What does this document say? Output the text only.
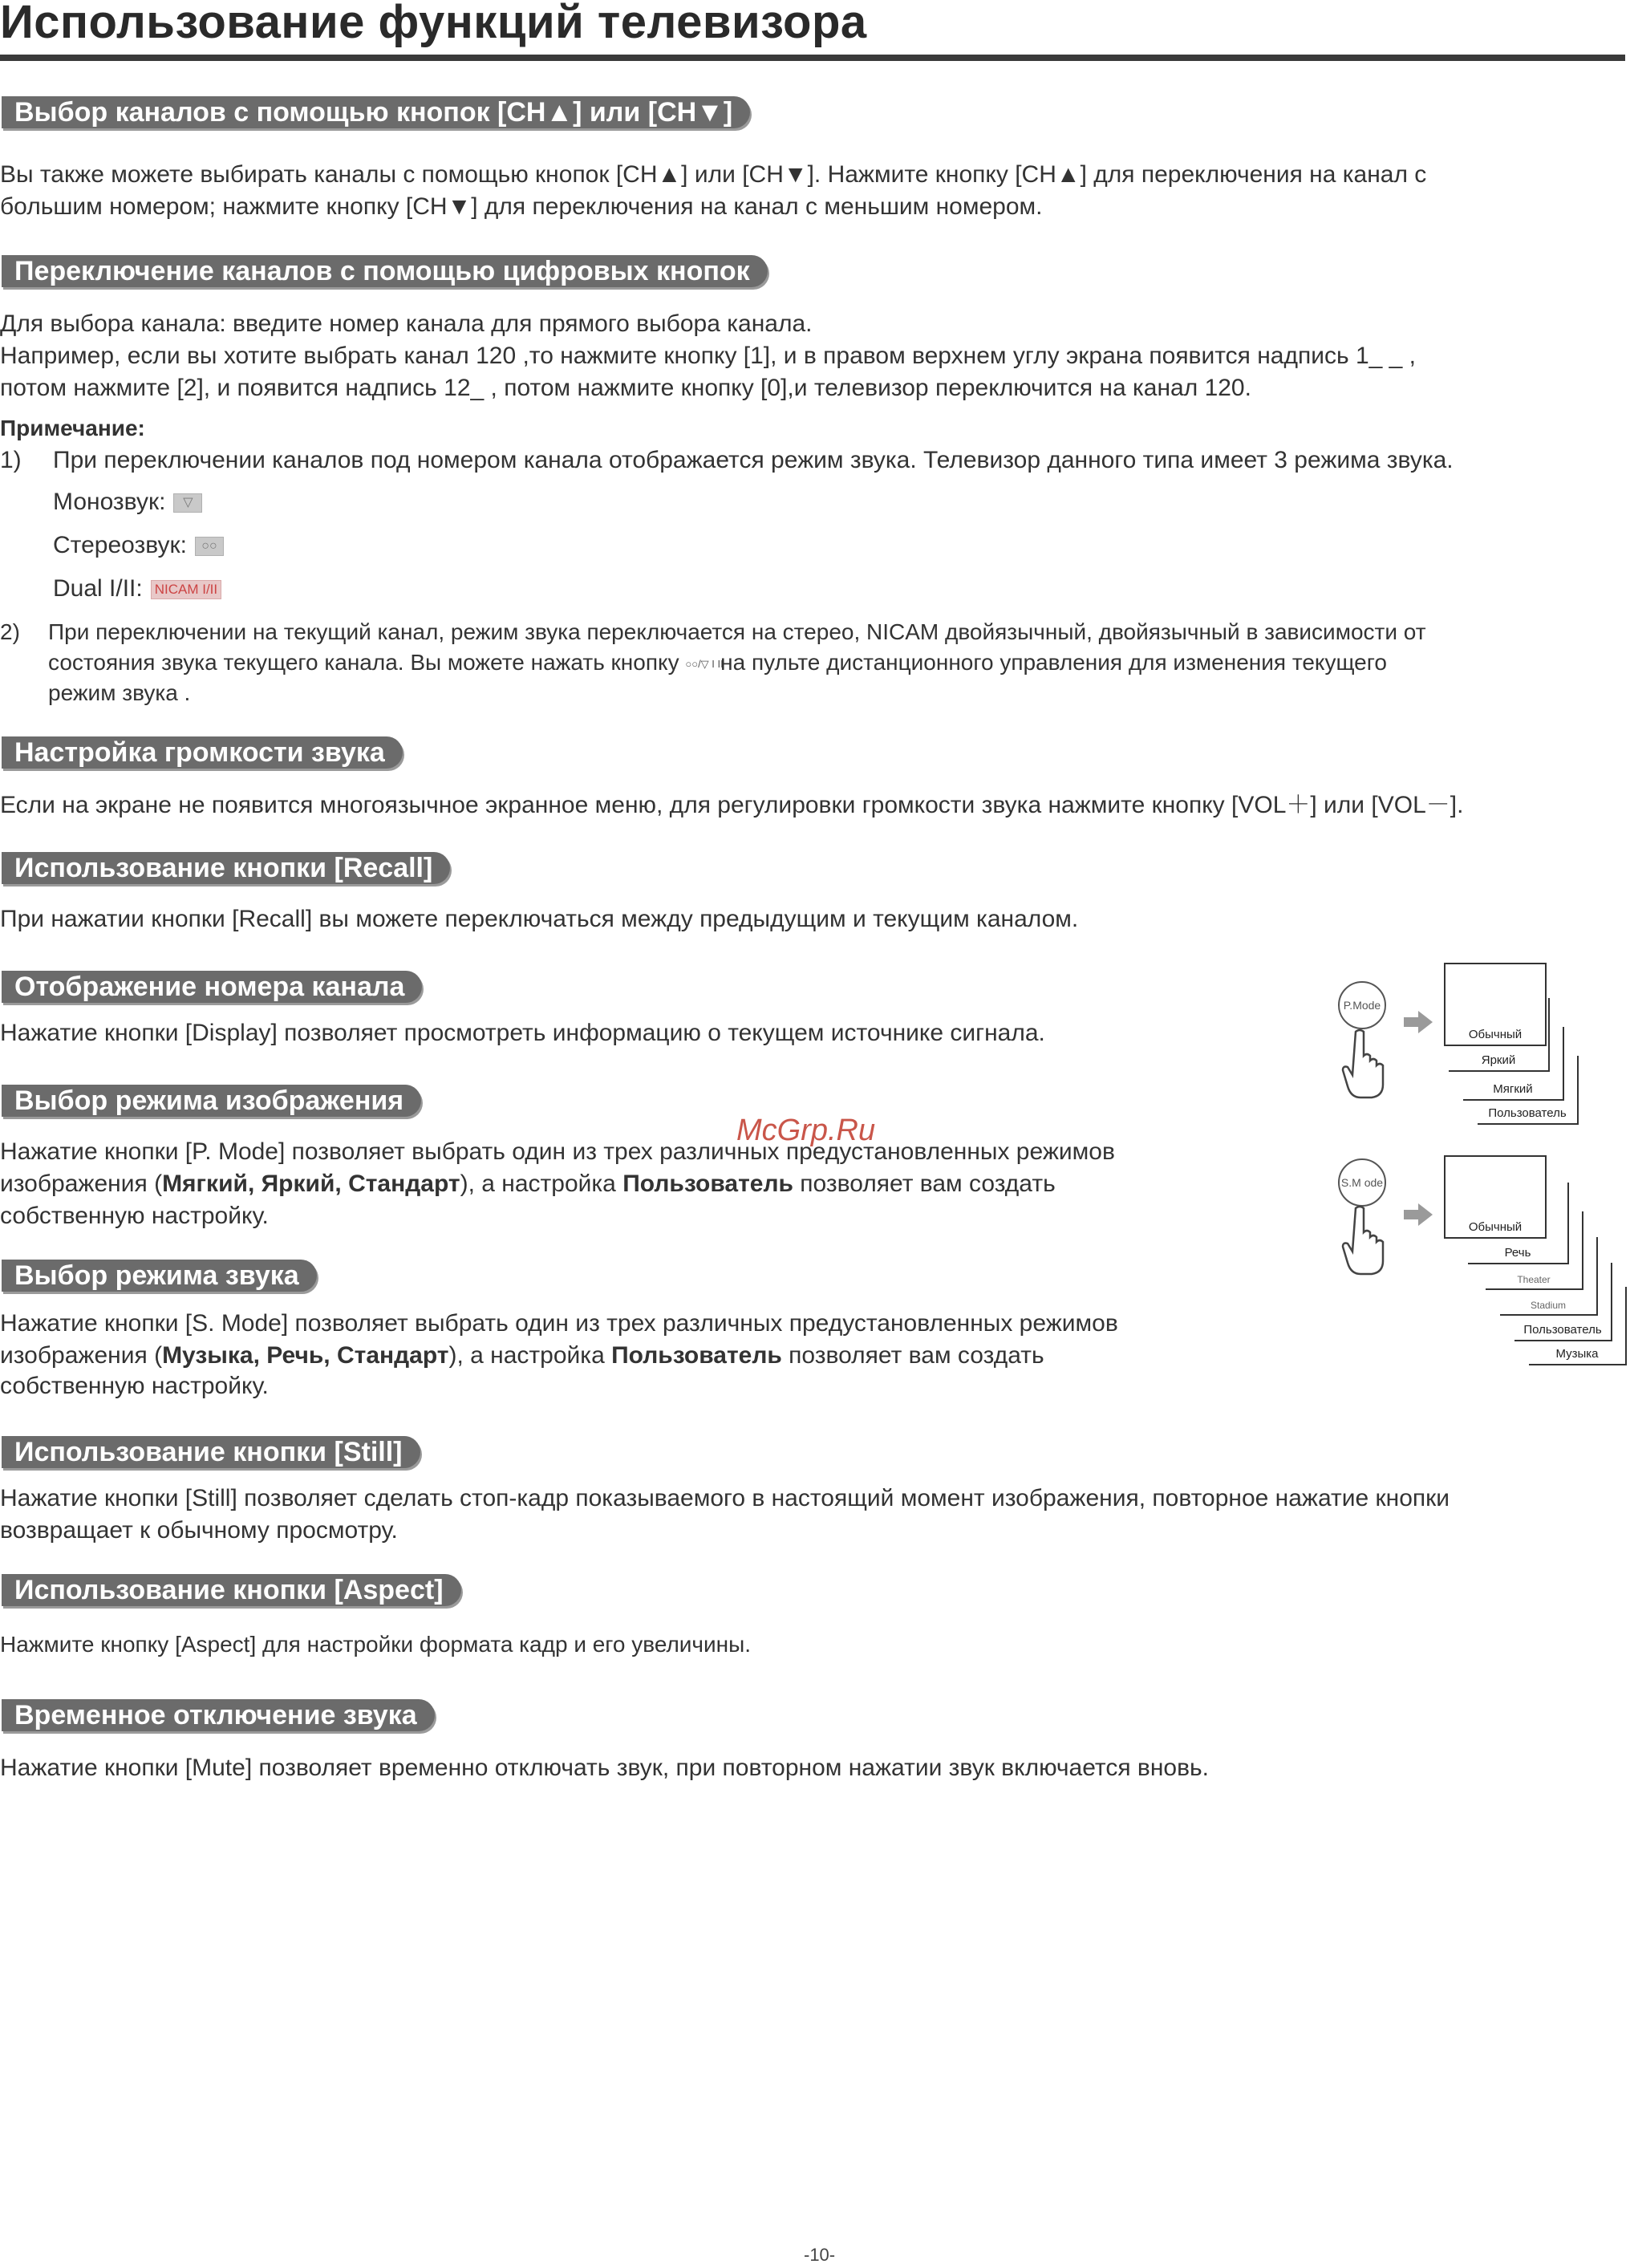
Использование функций телевизора
Выбор каналов с помощью кнопок [CH▲] или [CH▼]
Вы также можете выбирать каналы с помощью кнопок [CH▲] или [CH▼]. Нажмите кнопку [CH▲] для переключения на канал с
большим номером; нажмите кнопку [CH▼] для переключения на канал с меньшим номером.
Переключение каналов с помощью цифровых кнопок
Для выбора канала: введите номер канала для прямого выбора канала.
Например, если вы хотите выбрать канал 120 ,то нажмите кнопку [1], и в правом верхнем углу экрана появится надпись 1_ _ ,
потом нажмите [2], и появится надпись 12_ , потом нажмите кнопку [0],и телевизор переключится на канал 120.
Примечание:
1) При переключении каналов под номером канала отображается режим звука. Телевизор данного типа имеет 3 режима звука.
Монозвук: ▽
Стереозвук: ○○
Dual I/II: NICAM I/II
2) При переключении на текущий канал, режим звука переключается на стерео, NICAM двойязычный, двойязычный в зависимости от
состояния звука текущего канала. Вы можете нажать кнопку ○○/▽ I II на пульте дистанционного управления для изменения текущего
режим звука .
Настройка громкости звука
Если на экране не появится многоязычное экранное меню, для регулировки громкости звука нажмите кнопку [VOL＋] или [VOL－].
Использование кнопки [Recall]
При нажатии кнопки [Recall] вы можете переключаться между предыдущим и текущим каналом.
Отображение номера канала
Нажатие кнопки [Display] позволяет просмотреть информацию о текущем источнике сигнала.
Выбор режима изображения
Нажатие кнопки [P. Mode] позволяет выбрать один из трех различных предустановленных режимов
изображения (Мягкий, Яркий, Стандарт), а настройка Пользователь позволяет вам создать
собственную настройку.
Выбор режима звука
Нажатие кнопки [S. Mode] позволяет выбрать один из трех различных предустановленных режимов
изображения (Музыка, Речь, Стандарт), а настройка Пользователь позволяет вам создать
собственную настройку.
Использование кнопки [Still]
Нажатие кнопки [Still] позволяет сделать стоп-кадр показываемого в настоящий момент изображения, повторное нажатие кнопки
возвращает к обычному просмотру.
Использование кнопки [Aspect]
Нажмите кнопку [Aspect] для настройки формата кадр и его увеличины.
Временное отключение звука
Нажатие кнопки [Mute] позволяет временно отключать звук, при повторном нажатии звук включается вновь.
McGrp.Ru
P.Mode
Пользователь
Мягкий
Яркий
Обычный
S.M ode
Музыка
Пользователь
Stadium
Theater
Речь
Обычный
-10-
